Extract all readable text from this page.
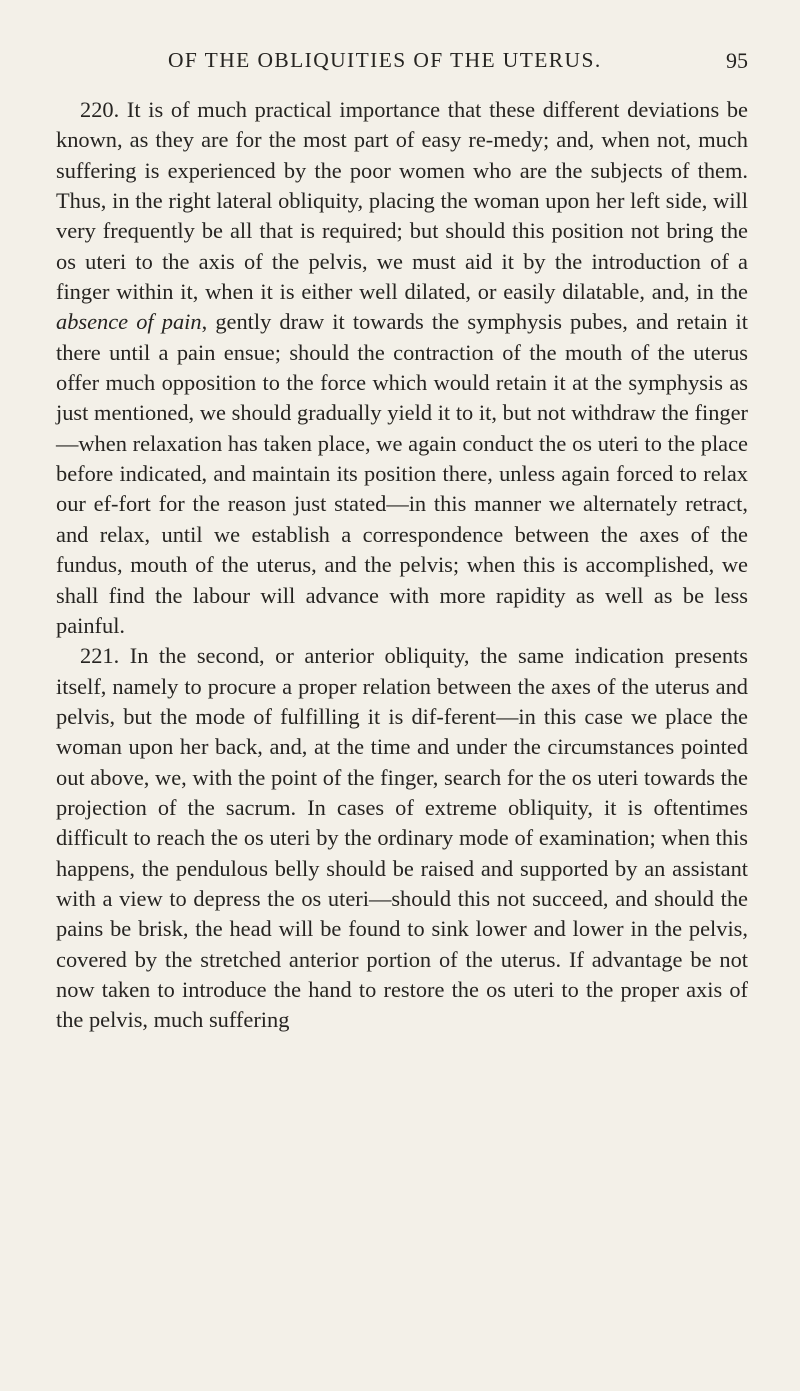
OF THE OBLIQUITIES OF THE UTERUS.	95

220. It is of much practical importance that these different deviations be known, as they are for the most part of easy re-medy; and, when not, much suffering is experienced by the poor women who are the subjects of them. Thus, in the right lateral obliquity, placing the woman upon her left side, will very frequently be all that is required; but should this position not bring the os uteri to the axis of the pelvis, we must aid it by the introduction of a finger within it, when it is either well dilated, or easily dilatable, and, in the absence of pain, gently draw it towards the symphysis pubes, and retain it there until a pain ensue; should the contraction of the mouth of the uterus offer much opposition to the force which would retain it at the symphysis as just mentioned, we should gradually yield it to it, but not withdraw the finger—when relaxation has taken place, we again conduct the os uteri to the place before indicated, and maintain its position there, unless again forced to relax our ef-fort for the reason just stated—in this manner we alternately retract, and relax, until we establish a correspondence between the axes of the fundus, mouth of the uterus, and the pelvis; when this is accomplished, we shall find the labour will advance with more rapidity as well as be less painful.

221. In the second, or anterior obliquity, the same indication presents itself, namely to procure a proper relation between the axes of the uterus and pelvis, but the mode of fulfilling it is dif-ferent—in this case we place the woman upon her back, and, at the time and under the circumstances pointed out above, we, with the point of the finger, search for the os uteri towards the projection of the sacrum. In cases of extreme obliquity, it is oftentimes difficult to reach the os uteri by the ordinary mode of examination; when this happens, the pendulous belly should be raised and supported by an assistant with a view to depress the os uteri—should this not succeed, and should the pains be brisk, the head will be found to sink lower and lower in the pelvis, covered by the stretched anterior portion of the uterus. If advantage be not now taken to introduce the hand to restore the os uteri to the proper axis of the pelvis, much suffering
